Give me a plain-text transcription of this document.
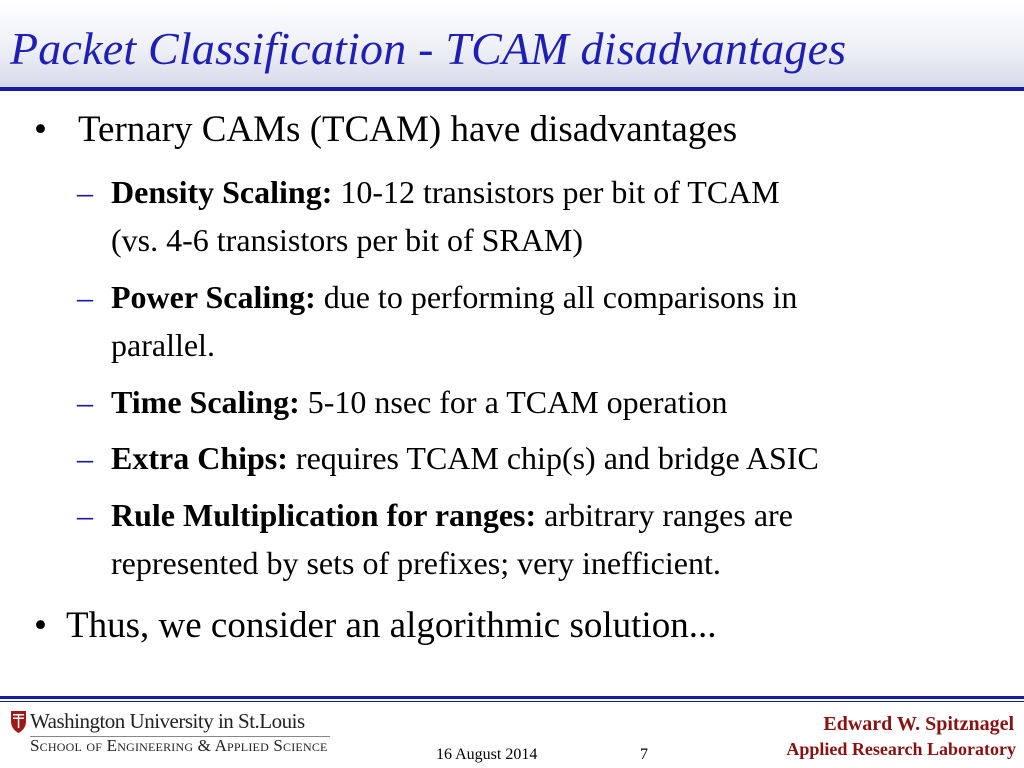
Packet Classification - TCAM disadvantages
• Ternary CAMs (TCAM) have disadvantages
– Density Scaling: 10-12 transistors per bit of TCAM
(vs. 4-6 transistors per bit of SRAM)
– Power Scaling: due to performing all comparisons in
parallel.
– Time Scaling: 5-10 nsec for a TCAM operation
– Extra Chips: requires TCAM chip(s) and bridge ASIC
– Rule Multiplication for ranges: arbitrary ranges are
represented by sets of prefixes; very inefficient.
• Thus, we consider an algorithmic solution...
Washington University in St.Louis
School of Engineering & Applied Science	16 August 2014	7
Edward W. Spitznagel
Applied Research Laboratory
